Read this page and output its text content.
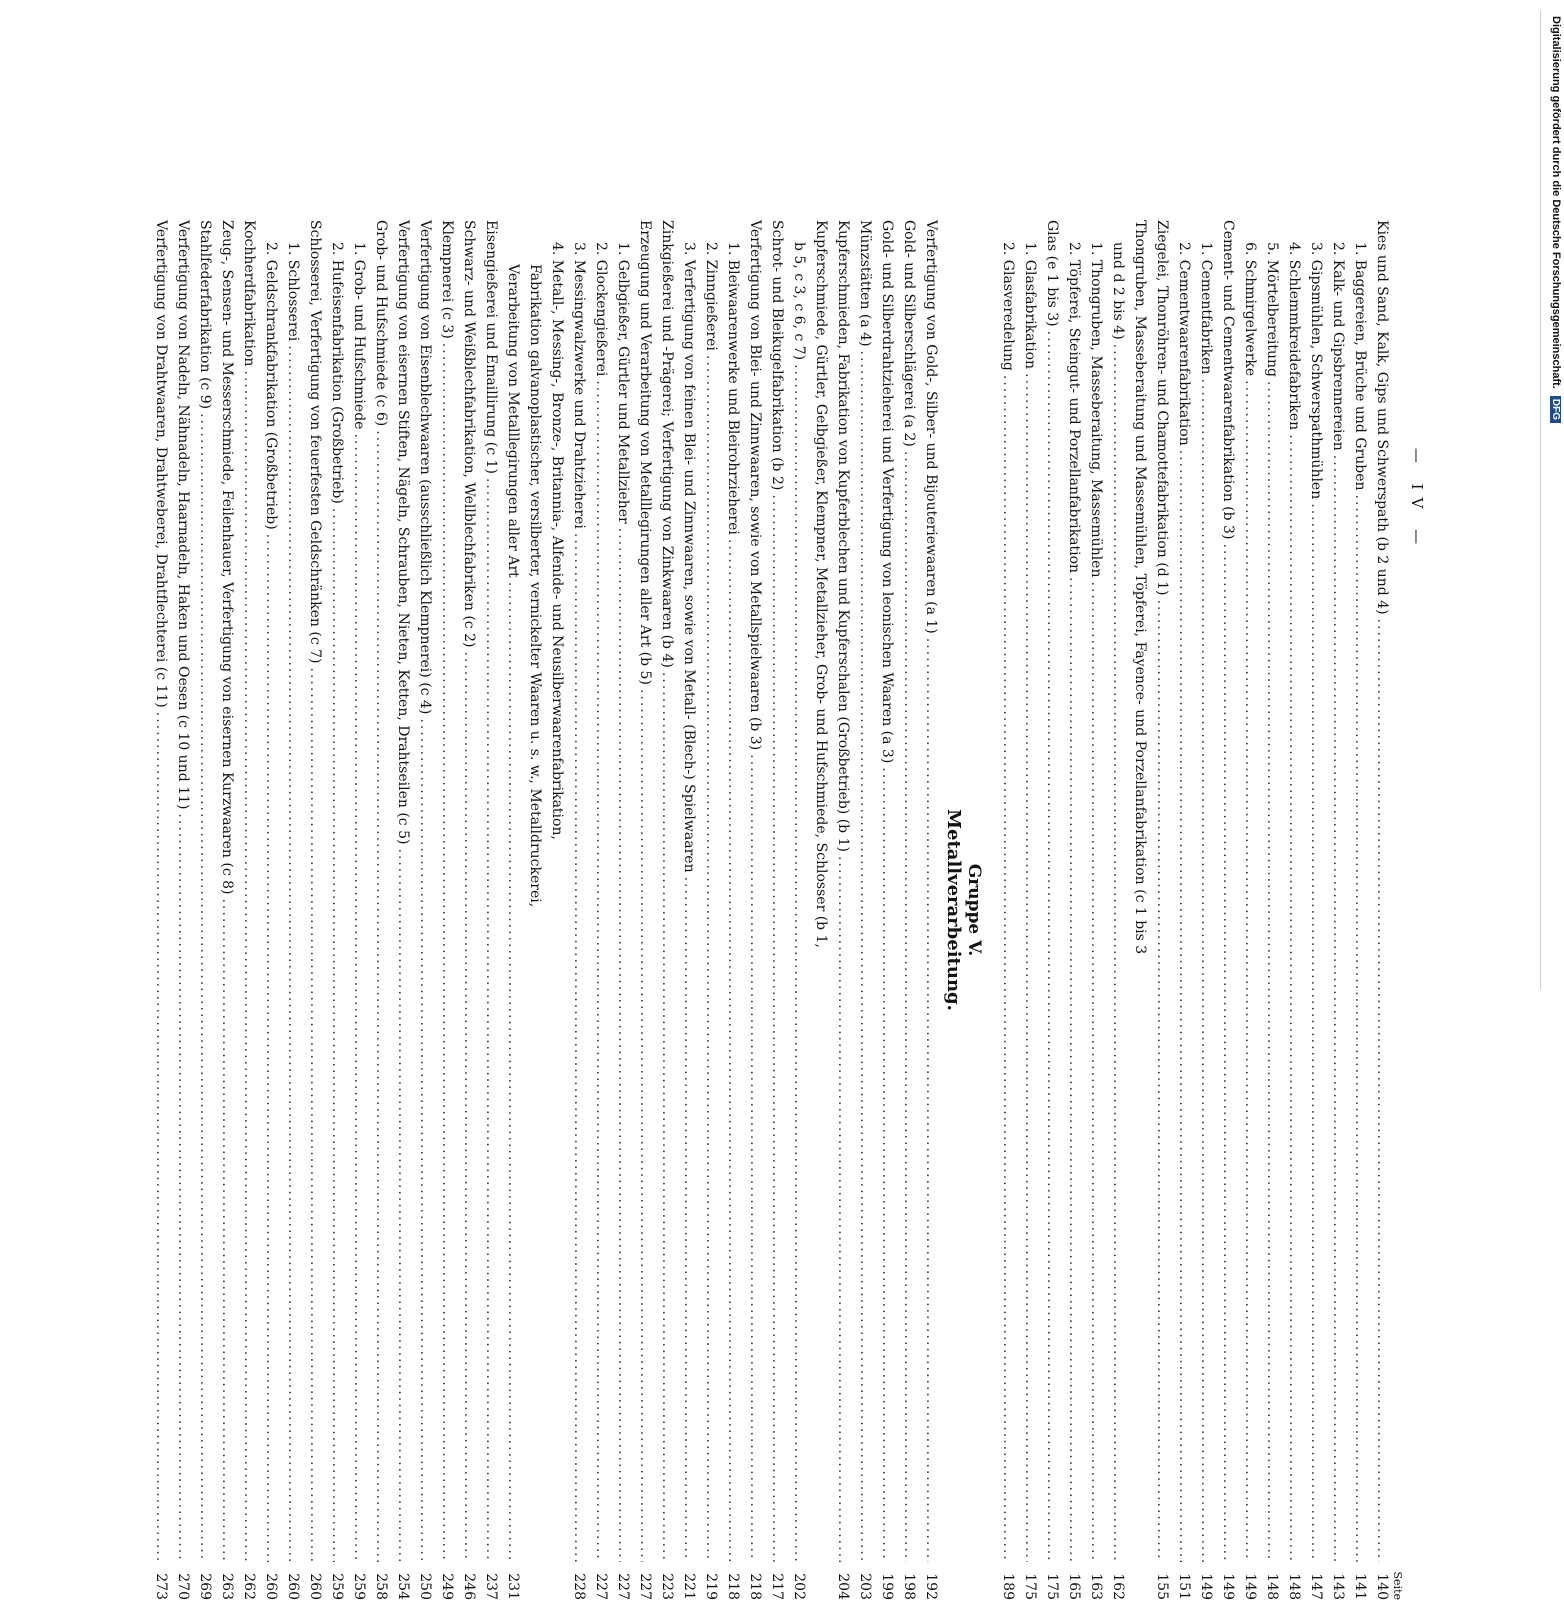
— IV —
Seite
Kies und Sand, Kalk, Gips und Schwerspath (b 2 und 4)
.....
140
1. Baggereien, Brüche und Gruben
.....
141
2. Kalk- und Gipsbrennereien
.....
143
3. Gipsmühlen, Schwerspathmühlen
.....
147
4. Schlemmkreidefabriken
.....
148
5. Mörtelbereitung
.....
148
6. Schmirgelwerke
.....
149
Cement- und Cementwaarenfabrikation (b 3)
.....
149
1. Cementfabriken
.....
149
2. Cementwaarenfabrikation
.....
151
Ziegelei, Thonröhren- und Chamottefabrikation (d 1)
.....
155
Thongruben, Masseberaitung und Massemühlen, Töpferei, Fayence- und Porzellanfabrikation (c 1 bis 3
und d 2 bis 4)
.....
162
1. Thongruben, Masseberaitung, Massemühlen
.....
163
2. Töpferei, Steingut- und Porzellanfabrikation
.....
165
Glas (e 1 bis 3)
.....
175
1. Glasfabrikation
.....
175
2. Glasveredelung
.....
189
Gruppe V.
Metallverarbeitung.
Verfertigung von Gold-, Silber- und Bijouteriewaaren (a 1)
.....
192
Gold- und Silberschlägerei (a 2)
.....
198
Gold- und Silberdrahtzieherei und Verfertigung von leonischen Waaren (a 3)
.....
199
Münzstätten (a 4)
.....
203
Kupferschmieden, Fabrikation von Kupferblechen und Kupferschalen (Großbetrieb) (b 1)
.....
204
Kupferschmiede, Gürtler, Gelbgießer, Klempner, Metallzieher, Grob- und Hufschmiede, Schlosser (b 1,
b 5, c 3, c 6, c 7)
.....
202
Schrot- und Bleikugelfabrikation (b 2)
.....
217
Verfertigung von Blei- und Zinnwaaren, sowie von Metallspielwaaren (b 3)
.....
218
1. Bleiwaarenwerke und Bleirohrzieherei
.....
218
2. Zinngießerei
.....
219
3. Verfertigung von feinen Blei- und Zinnwaaren, sowie von Metall- (Blech-) Spielwaaren
.....
221
Zinkgießerei und -Prägerei; Verfertigung von Zinkwaaren (b 4)
.....
223
Erzeugung und Verarbeitung von Metalllegirungen aller Art (b 5)
.....
227
1. Gelbgießer, Gürtler und Metallzieher
.....
227
2. Glockengießerei
.....
227
3. Messingwalzwerke und Drahtzieherei
.....
228
4. Metall-, Messing-, Bronze-, Britannia-, Alfenide- und Neusilberwaarenfabrikation,
Fabrikation galvanoplastischer, versilberter, vernickelter Waaren u. s. w., Metalldruckerei,
Verarbeitung von Metalllegirungen aller Art
.....
231
Eisengießerei und Emaillirung (c 1)
.....
237
Schwarz- und Weißblechfabrikation, Wellblechfabriken (c 2)
.....
246
Klempnerei (c 3)
.....
249
Verfertigung von Eisenblechwaaren (ausschließlich Klempnerei) (c 4)
.....
250
Verfertigung von eisernen Stiften, Nägeln, Schrauben, Nieten, Ketten, Drahtseilen (c 5)
.....
254
Grob- und Hufschmiede (c 6)
.....
258
1. Grob- und Hufschmiede
.....
259
2. Hufeisenfabrikation (Großbetrieb)
.....
259
Schlosserei, Verfertigung von feuerfesten Geldschränken (c 7)
.....
260
1. Schlosserei
.....
260
2. Geldschrankfabrikation (Großbetrieb)
.....
260
Kochherdfabrikation
.....
262
Zeug-, Sensen- und Messerschmiede, Feilenhauer, Verfertigung von eisernen Kurzwaaren (c 8)
.....
263
Stahlfederfabrikation (c 9)
.....
269
Verfertigung von Nadeln, Nähnadeln, Haarnadeln, Haken und Oesen (c 10 und 11)
.....
270
Verfertigung von Drahtwaaren, Drahtweberei, Drahtflechterei (c 11)
.....
273
Digitalisierung gefördert durch die Deutsche Forschungsgemeinschaft. DFG
